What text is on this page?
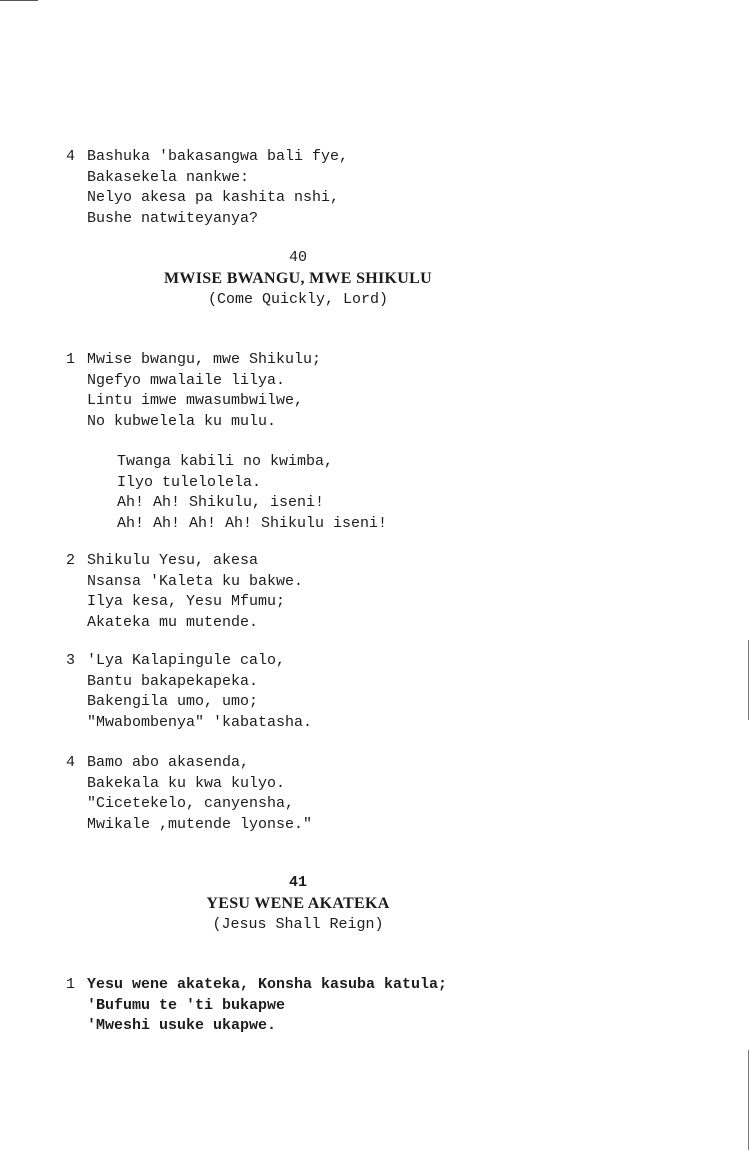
4 Bashuka 'bakasangwa bali fye,
Bakasekela nankwe:
Nelyo akesa pa kashita nshi,
Bushe natwiteyanya?
40
MWISE BWANGU, MWE SHIKULU
(Come Quickly, Lord)
1 Mwise bwangu, mwe Shikulu;
Ngefyo mwalaile lilya.
Lintu imwe mwasumbwilwe,
No kubwelela ku mulu.
Twanga kabili no kwimba,
Ilyo tulelolela.
Ah! Ah! Shikulu, iseni!
Ah! Ah! Ah! Ah! Shikulu iseni!
2 Shikulu Yesu, akesa
Nsansa 'Kaleta ku bakwe.
Ilya kesa, Yesu Mfumu;
Akateka mu mutende.
3 'Lya Kalapingule calo,
Bantu bakapekapeka.
Bakengila umo, umo;
"Mwabombenya" 'kabatasha.
4 Bamo abo akasenda,
Bakekala ku kwa kulyo.
"Cicetekelo, canyensha,
Mwikale ,mutende lyonse."
41
YESU WENE AKATEKA
(Jesus Shall Reign)
1 Yesu wene akateka, Konsha kasuba katula;
'Bufumu te 'ti bukapwe
'Mweshi usuke ukapwe.
